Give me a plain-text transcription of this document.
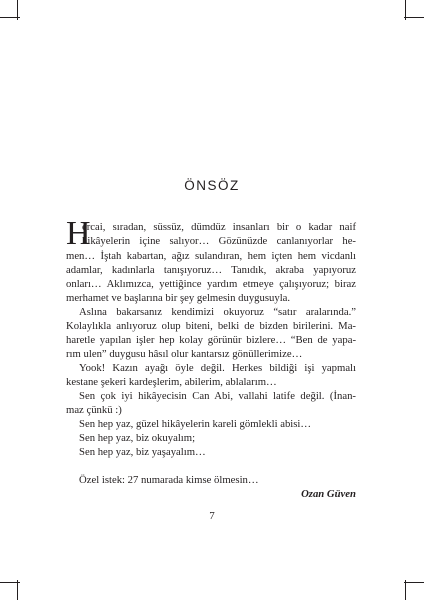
ÖNSÖZ
H
ercai, sıradan, süssüz, dümdüz insanları bir o kadar naif
hikâyelerin içine salıyor… Gözünüzde canlanıyorlar he-
men… İştah kabartan, ağız sulandıran, hem içten hem vicdanlı
adamlar, kadınlarla tanışıyoruz… Tanıdık, akraba yapıyoruz
onları… Aklımızca, yettiğince yardım etmeye çalışıyoruz; biraz
merhamet ve başlarına bir şey gelmesin duygusuyla.
Aslına bakarsanız kendimizi okuyoruz “satır aralarında.”
Kolaylıkla anlıyoruz olup biteni, belki de bizden birilerini. Ma-
haretle yapılan işler hep kolay görünür bizlere… “Ben de yapa-
rım ulen” duygusu hâsıl olur kantarsız gönüllerimize…
Yook! Kazın ayağı öyle değil. Herkes bildiği işi yapmalı
kestane şekeri kardeşlerim, abilerim, ablalarım…
Sen çok iyi hikâyecisin Can Abi, vallahi latife değil. (İnan-
maz çünkü :)
Sen hep yaz, güzel hikâyelerin kareli gömlekli abisi…
Sen hep yaz, biz okuyalım;
Sen hep yaz, biz yaşayalım…
Özel istek: 27 numarada kimse ölmesin…
Ozan Güven
7
